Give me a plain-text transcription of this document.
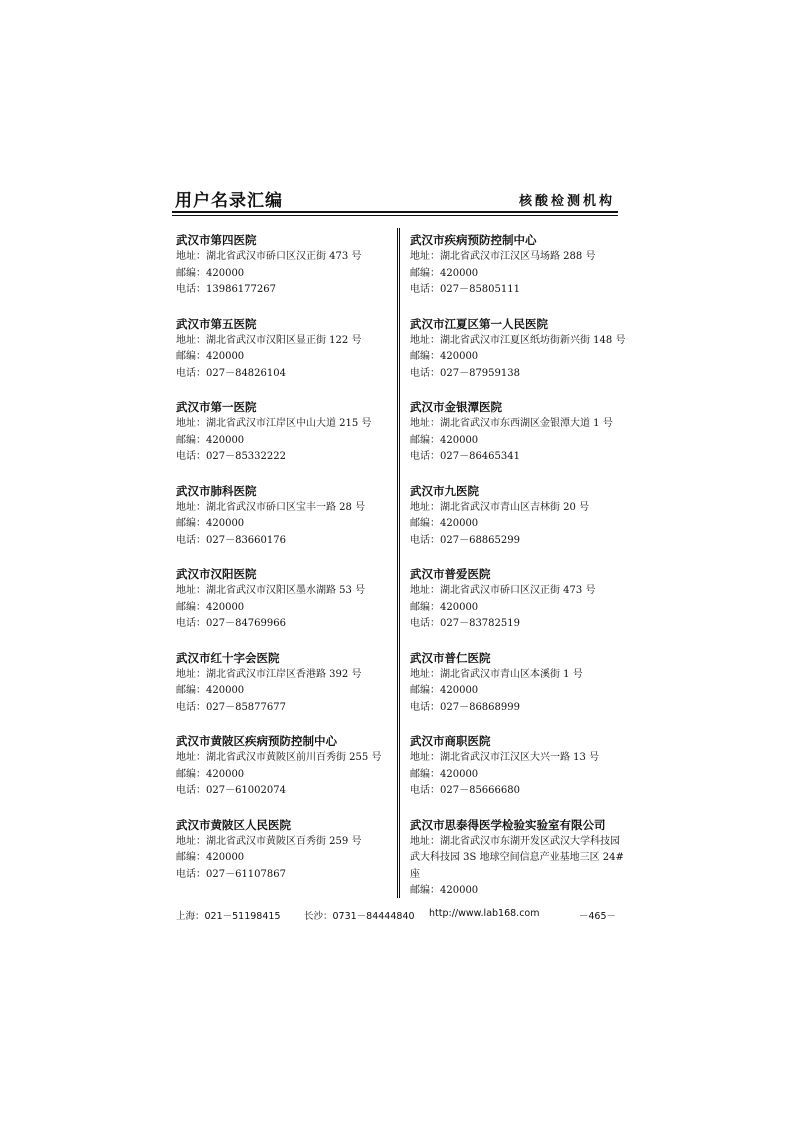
用户名录汇编	核酸检测机构
武汉市第四医院
地址：湖北省武汉市硚口区汉正街 473 号
邮编：420000
电话：13986177267
武汉市第五医院
地址：湖北省武汉市汉阳区显正街 122 号
邮编：420000
电话：027－84826104
武汉市第一医院
地址：湖北省武汉市江岸区中山大道 215 号
邮编：420000
电话：027－85332222
武汉市肺科医院
地址：湖北省武汉市硚口区宝丰一路 28 号
邮编：420000
电话：027－83660176
武汉市汉阳医院
地址：湖北省武汉市汉阳区墨水湖路 53 号
邮编：420000
电话：027－84769966
武汉市红十字会医院
地址：湖北省武汉市江岸区香港路 392 号
邮编：420000
电话：027－85877677
武汉市黄陂区疾病预防控制中心
地址：湖北省武汉市黄陂区前川百秀街 255 号
邮编：420000
电话：027－61002074
武汉市黄陂区人民医院
地址：湖北省武汉市黄陂区百秀街 259 号
邮编：420000
电话：027－61107867
武汉市疾病预防控制中心
地址：湖北省武汉市江汉区马场路 288 号
邮编：420000
电话：027－85805111
武汉市江夏区第一人民医院
地址：湖北省武汉市江夏区纸坊街新兴街 148 号
邮编：420000
电话：027－87959138
武汉市金银潭医院
地址：湖北省武汉市东西湖区金银潭大道 1 号
邮编：420000
电话：027－86465341
武汉市九医院
地址：湖北省武汉市青山区吉林街 20 号
邮编：420000
电话：027－68865299
武汉市普爱医院
地址：湖北省武汉市硚口区汉正街 473 号
邮编：420000
电话：027－83782519
武汉市普仁医院
地址：湖北省武汉市青山区本溪街 1 号
邮编：420000
电话：027－86868999
武汉市商职医院
地址：湖北省武汉市江汉区大兴一路 13 号
邮编：420000
电话：027－85666680
武汉市思泰得医学检验实验室有限公司
地址：湖北省武汉市东湖开发区武汉大学科技园武大科技园 3S 地球空间信息产业基地三区 24# 座
邮编：420000
上海：021－51198415 长沙：0731－84444840 http://www.lab168.com	－465－
